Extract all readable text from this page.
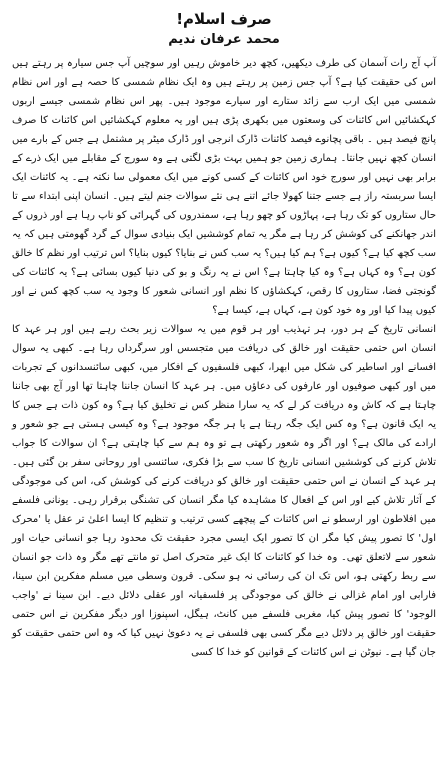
صرف اسلام!
محمد عرفان ندیم

آپ آج رات آسمان کی طرف دیکھیں، کچھ دیر خاموش رہیں اور سوچیں آپ جس سیارہ پر رہتے ہیں اس کی حقیقت کیا ہے؟ آپ جس زمین پر رہتے ہیں وہ ایک نظام شمسی کا حصہ ہے اور اس نظام شمسی میں ایک ارب سے زائد ستارے اور سیارے موجود ہیں۔ پھر اس نظام شمسی جیسے اربوں کہکشائیں اس کائنات کی وسعتوں میں بکھری پڑی ہیں اور یہ معلوم کہکشائیں اس کائنات کا صرف پانچ فیصد ہیں ۔ باقی پچانوے فیصد کائنات ڈارک انرجی اور ڈارک میٹر پر مشتمل ہے جس کے بارے میں انسان کچھ نہیں جانتا۔ ہماری زمین جو ہمیں بہت بڑی لگتی ہے وہ سورج کے مقابلے میں ایک ذرے کے برابر بھی نہیں اور سورج خود اس کائنات کے کسی کونے میں ایک معمولی سا نکتہ ہے۔ یہ کائنات ایک ایسا سربستہ راز ہے جسے جتنا کھولا جائے اتنے ہی نئے سوالات جنم لیتے ہیں۔ انسان اپنی ابتداء سے تا حال ستاروں کو تک رہا ہے، پہاڑوں کو چھو رہا ہے، سمندروں کی گہرائی کو ناپ رہا ہے اور ذروں کے اندر جھانکنے کی کوشش کر رہا ہے مگر یہ تمام کوششیں ایک بنیادی سوال کے گرد گھومتی ہیں کہ یہ سب کچھ کیا ہے؟ کیوں ہے؟ ہم کیا ہیں؟ یہ سب کس نے بنایا؟ کیوں بنایا؟ اس ترتیب اور نظم کا خالق کون ہے؟ وہ کہاں ہے؟ وہ کیا چاہتا ہے؟ اس نے یہ رنگ و بو کی دنیا کیوں بسائی ہے؟ یہ کائنات کی گونجتی فضا، ستاروں کا رقص، کہکشاؤں کا نظم اور انسانی شعور کا وجود یہ سب کچھ کس نے اور کیوں پیدا کیا اور وہ خود کون ہے، کہاں ہے، کیسا ہے؟

انسانی تاریخ کے ہر دور، ہر تہذیب اور ہر قوم میں یہ سوالات زیر بحث رہے ہیں اور ہر عہد کا انسان اس حتمی حقیقت اور خالق کی دریافت میں متجسس اور سرگرداں رہا ہے۔ کبھی یہ سوال افسانے اور اساطیر کی شکل میں ابھرا، کبھی فلسفیوں کے افکار میں، کبھی سائنسدانوں کے تجربات میں اور کبھی صوفیوں اور عارفوں کی دعاؤں میں۔ ہر عہد کا انسان جاننا چاہتا تھا اور آج بھی جاننا چاہتا ہے کہ کاش وہ دریافت کر لے کہ یہ سارا منظر کس نے تخلیق کیا ہے؟ وہ کون ذات ہے جس کا یہ ایک قانون ہے؟ وہ کس ایک جگہ رہتا ہے یا ہر جگہ موجود ہے؟ وہ کیسی ہستی ہے جو شعور و ارادے کی مالک ہے؟ اور اگر وہ شعور رکھتی ہے تو وہ ہم سے کیا چاہتی ہے؟ ان سوالات کا جواب تلاش کرنے کی کوششیں انسانی تاریخ کا سب سے بڑا فکری، سائنسی اور روحانی سفر بن گئی ہیں۔ ہر عہد کے انسان نے اس حتمی حقیقت اور خالق کو دریافت کرنے کی کوشش کی، اس کی موجودگی کے آثار تلاش کیے اور اس کے افعال کا مشاہدہ کیا مگر انسان کی تشنگی برقرار رہی۔ یونانی فلسفے میں افلاطون اور ارسطو نے اس کائنات کے پیچھے کسی ترتیب و تنظیم کا ایسا اعلیٰ تر عقل یا 'محرک اول' کا تصور پیش کیا مگر ان کا تصور ایک ایسی مجرد حقیقت تک محدود رہا جو انسانی حیات اور شعور سے لاتعلق تھی۔ وہ خدا کو کائنات کا ایک غیر متحرک اصل تو مانتے تھے مگر وہ ذات جو انسان سے ربط رکھتی ہو، اس تک ان کی رسائی نہ ہو سکی۔ قرون وسطی میں مسلم مفکرین ابن سینا، فارابی اور امام غزالی نے خالق کی موجودگی پر فلسفیانہ اور عقلی دلائل دیے۔ ابن سینا نے 'واجب الوجود' کا تصور پیش کیا، مغربی فلسفے میں کانٹ، ہیگل، اسپنوزا اور دیگر مفکرین نے اس حتمی حقیقت اور خالق پر دلائل دیے مگر کسی بھی فلسفی نے یہ دعویٰ نہیں کیا کہ وہ اس حتمی حقیقت کو جان گیا ہے۔ نیوٹن نے اس کائنات کے قوانین کو خدا کا کسی
